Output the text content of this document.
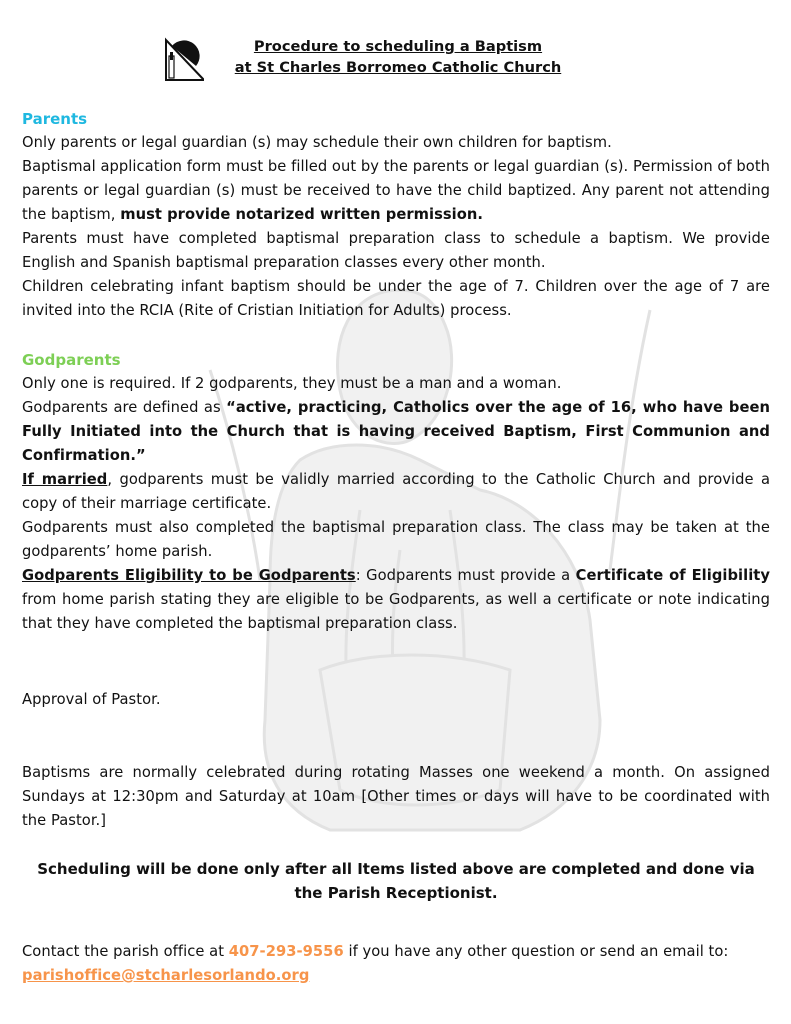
Procedure to scheduling a Baptism
at St Charles Borromeo Catholic Church
Parents

Only parents or legal guardian (s) may schedule their own children for baptism.

Baptismal application form must be filled out by the parents or legal guardian (s). Permission of both parents or legal guardian (s) must be received to have the child baptized. Any parent not attending the baptism, must provide notarized written permission.

Parents must have completed baptismal preparation class to schedule a baptism. We provide English and Spanish baptismal preparation classes every other month.

Children celebrating infant baptism should be under the age of 7. Children over the age of 7 are invited into the RCIA (Rite of Cristian Initiation for Adults) process.

Godparents

Only one is required. If 2 godparents, they must be a man and a woman.

Godparents are defined as “active, practicing, Catholics over the age of 16, who have been Fully Initiated into the Church that is having received Baptism, First Communion and Confirmation.”

If married, godparents must be validly married according to the Catholic Church and provide a copy of their marriage certificate.

Godparents must also completed the baptismal preparation class. The class may be taken at the godparents’ home parish.

Godparents Eligibility to be Godparents: Godparents must provide a Certificate of Eligibility from home parish stating they are eligible to be Godparents, as well a certificate or note indicating that they have completed the baptismal preparation class.

Approval of Pastor.

Baptisms are normally celebrated during rotating Masses one weekend a month. On assigned Sundays at 12:30pm and Saturday at 10am [Other times or days will have to be coordinated with the Pastor.]

Scheduling will be done only after all Items listed above are completed and done via
the Parish Receptionist.

Contact the parish office at 407-293-9556 if you have any other question or send an email to:
parishoffice@stcharlesorlando.org
